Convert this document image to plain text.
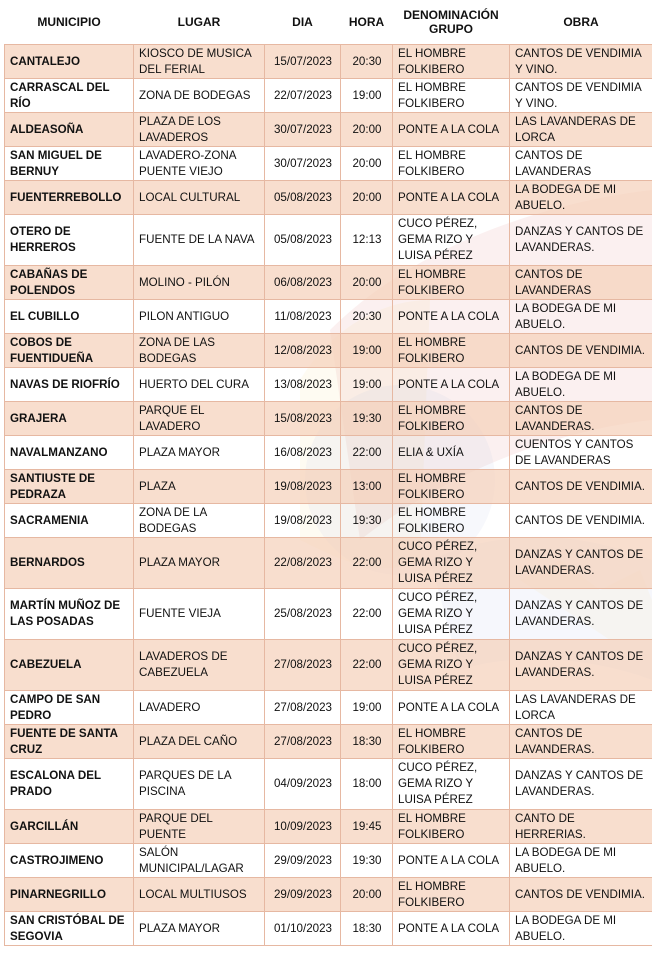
MUNICIPIO	LUGAR	DIA	HORA	DENOMINACIÓN GRUPO	OBRA
CANTALEJO	KIOSCO DE MUSICA DEL FERIAL	15/07/2023	20:30	EL HOMBRE FOLKIBERO	CANTOS DE VENDIMIA Y VINO.
CARRASCAL DEL RÍO	ZONA DE BODEGAS	22/07/2023	19:00	EL HOMBRE FOLKIBERO	CANTOS DE VENDIMIA Y VINO.
ALDEASOÑA	PLAZA DE LOS LAVADEROS	30/07/2023	20:00	PONTE A LA COLA	LAS LAVANDERAS DE LORCA
SAN MIGUEL DE BERNUY	LAVADERO-ZONA PUENTE VIEJO	30/07/2023	20:00	EL HOMBRE FOLKIBERO	CANTOS DE LAVANDERAS
FUENTERREBOLLO	LOCAL CULTURAL	05/08/2023	20:00	PONTE A LA COLA	LA BODEGA DE MI ABUELO.
OTERO DE HERREROS	FUENTE DE LA NAVA	05/08/2023	12:13	CUCO PÉREZ, GEMA RIZO Y LUISA PÉREZ	DANZAS Y CANTOS DE LAVANDERAS.
CABAÑAS DE POLENDOS	MOLINO - PILÓN	06/08/2023	20:00	EL HOMBRE FOLKIBERO	CANTOS DE LAVANDERAS
EL CUBILLO	PILON ANTIGUO	11/08/2023	20:30	PONTE A LA COLA	LA BODEGA DE MI ABUELO.
COBOS DE FUENTIDUEÑA	ZONA DE LAS BODEGAS	12/08/2023	19:00	EL HOMBRE FOLKIBERO	CANTOS DE VENDIMIA.
NAVAS DE RIOFRÍO	HUERTO DEL CURA	13/08/2023	19:00	PONTE A LA COLA	LA BODEGA DE MI ABUELO.
GRAJERA	PARQUE EL LAVADERO	15/08/2023	19:30	EL HOMBRE FOLKIBERO	CANTOS DE LAVANDERAS.
NAVALMANZANO	PLAZA MAYOR	16/08/2023	22:00	ELIA & UXÍA	CUENTOS Y CANTOS DE LAVANDERAS
SANTIUSTE DE PEDRAZA	PLAZA	19/08/2023	13:00	EL HOMBRE FOLKIBERO	CANTOS DE VENDIMIA.
SACRAMENIA	ZONA DE LA BODEGAS	19/08/2023	19:30	EL HOMBRE FOLKIBERO	CANTOS DE VENDIMIA.
BERNARDOS	PLAZA MAYOR	22/08/2023	22:00	CUCO PÉREZ, GEMA RIZO Y LUISA PÉREZ	DANZAS Y CANTOS DE LAVANDERAS.
MARTÍN MUÑOZ DE LAS POSADAS	FUENTE VIEJA	25/08/2023	22:00	CUCO PÉREZ, GEMA RIZO Y LUISA PÉREZ	DANZAS Y CANTOS DE LAVANDERAS.
CABEZUELA	LAVADEROS DE CABEZUELA	27/08/2023	22:00	CUCO PÉREZ, GEMA RIZO Y LUISA PÉREZ	DANZAS Y CANTOS DE LAVANDERAS.
CAMPO DE SAN PEDRO	LAVADERO	27/08/2023	19:00	PONTE A LA COLA	LAS LAVANDERAS DE LORCA
FUENTE DE SANTA CRUZ	PLAZA DEL CAÑO	27/08/2023	18:30	EL HOMBRE FOLKIBERO	CANTOS DE LAVANDERAS.
ESCALONA DEL PRADO	PARQUES DE LA PISCINA	04/09/2023	18:00	CUCO PÉREZ, GEMA RIZO Y LUISA PÉREZ	DANZAS Y CANTOS DE LAVANDERAS.
GARCILLÁN	PARQUE DEL PUENTE	10/09/2023	19:45	EL HOMBRE FOLKIBERO	CANTO DE HERRERIAS.
CASTROJIMENO	SALÓN MUNICIPAL/LAGAR	29/09/2023	19:30	PONTE A LA COLA	LA BODEGA DE MI ABUELO.
PINARNEGRILLO	LOCAL MULTIUSOS	29/09/2023	20:00	EL HOMBRE FOLKIBERO	CANTOS DE VENDIMIA.
SAN CRISTÓBAL DE SEGOVIA	PLAZA MAYOR	01/10/2023	18:30	PONTE A LA COLA	LA BODEGA DE MI ABUELO.
